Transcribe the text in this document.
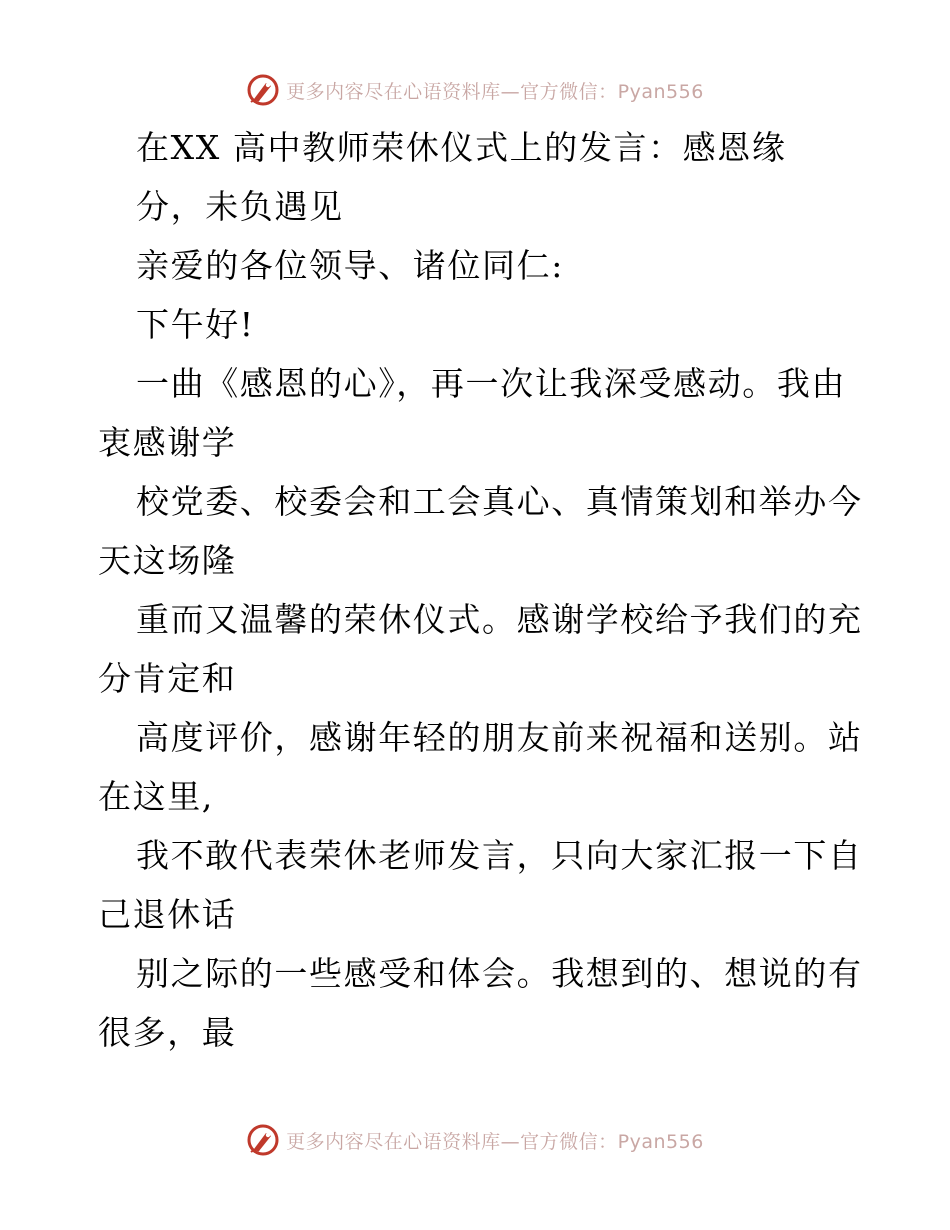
更多内容尽在心语资料库—官方微信：Pyan556
在XX 高中教师荣休仪式上的发言：感恩缘
分，未负遇见
亲爱的各位领导、诸位同仁:
下午好!
一曲《感恩的心》，再一次让我深受感动。我由
衷感谢学
校党委、校委会和工会真心、真情策划和举办今
天这场隆
重而又温馨的荣休仪式。感谢学校给予我们的充
分肯定和
高度评价，感谢年轻的朋友前来祝福和送别。站
在这里,
我不敢代表荣休老师发言，只向大家汇报一下自
己退休话
别之际的一些感受和体会。我想到的、想说的有
很多，最
更多内容尽在心语资料库—官方微信：Pyan556
